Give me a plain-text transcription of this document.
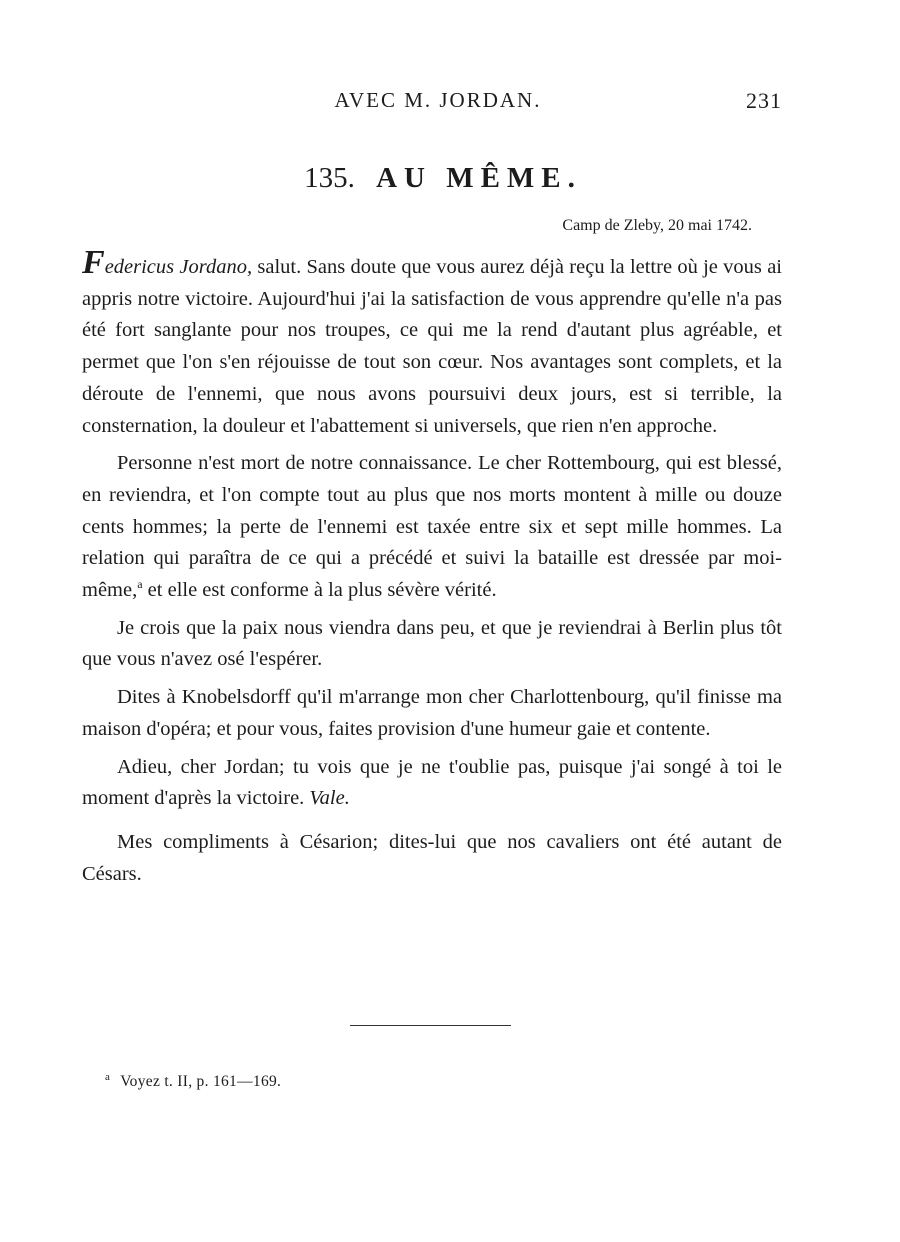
AVEC M. JORDAN.	231
135. AU MÊME.
Camp de Zleby, 20 mai 1742.

Federicus Jordano, salut. Sans doute que vous aurez déjà reçu la lettre où je vous ai appris notre victoire. Aujourd'hui j'ai la satisfaction de vous apprendre qu'elle n'a pas été fort sanglante pour nos troupes, ce qui me la rend d'autant plus agréable, et permet que l'on s'en réjouisse de tout son cœur. Nos avantages sont complets, et la déroute de l'ennemi, que nous avons poursuivi deux jours, est si terrible, la consternation, la douleur et l'abattement si universels, que rien n'en approche.

Personne n'est mort de notre connaissance. Le cher Rottembourg, qui est blessé, en reviendra, et l'on compte tout au plus que nos morts montent à mille ou douze cents hommes; la perte de l'ennemi est taxée entre six et sept mille hommes. La relation qui paraîtra de ce qui a précédé et suivi la bataille est dressée par moi-même,$^a$ et elle est conforme à la plus sévère vérité.

Je crois que la paix nous viendra dans peu, et que je reviendrai à Berlin plus tôt que vous n'avez osé l'espérer.

Dites à Knobelsdorff qu'il m'arrange mon cher Charlottenbourg, qu'il finisse ma maison d'opéra; et pour vous, faites provision d'une humeur gaie et contente.

Adieu, cher Jordan; tu vois que je ne t'oublie pas, puisque j'ai songé à toi le moment d'après la victoire. Vale.

Mes compliments à Césarion; dites-lui que nos cavaliers ont été autant de Césars.

$^a$ Voyez t. II, p. 161—169.
